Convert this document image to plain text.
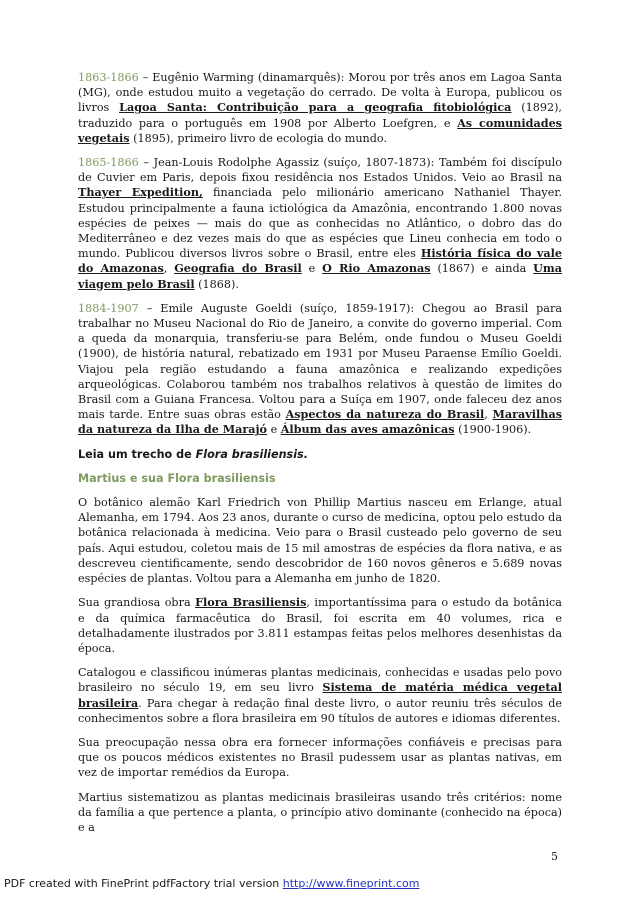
1863-1866 – Eugênio Warming (dinamarquês): Morou por três anos em Lagoa Santa (MG), onde estudou muito a vegetação do cerrado. De volta à Europa, publicou os livros Lagoa Santa: Contribuição para a geografia fitobiológica (1892), traduzido para o português em 1908 por Alberto Loefgren, e As comunidades vegetais (1895), primeiro livro de ecologia do mundo.

1865-1866 – Jean-Louis Rodolphe Agassiz (suíço, 1807-1873): Também foi discípulo de Cuvier em Paris, depois fixou residência nos Estados Unidos. Veio ao Brasil na Thayer Expedition, financiada pelo milionário americano Nathaniel Thayer. Estudou principalmente a fauna ictiológica da Amazônia, encontrando 1.800 novas espécies de peixes — mais do que as conhecidas no Atlântico, o dobro das do Mediterrâneo e dez vezes mais do que as espécies que Lineu conhecia em todo o mundo. Publicou diversos livros sobre o Brasil, entre eles História física do vale do Amazonas, Geografia do Brasil e O Rio Amazonas (1867) e ainda Uma viagem pelo Brasil (1868).

1884-1907 – Emile Auguste Goeldi (suíço, 1859-1917): Chegou ao Brasil para trabalhar no Museu Nacional do Rio de Janeiro, a convite do governo imperial. Com a queda da monarquia, transferiu-se para Belém, onde fundou o Museu Goeldi (1900), de história natural, rebatizado em 1931 por Museu Paraense Emílio Goeldi. Viajou pela região estudando a fauna amazônica e realizando expedições arqueológicas. Colaborou também nos trabalhos relativos à questão de limites do Brasil com a Guiana Francesa. Voltou para a Suíça em 1907, onde faleceu dez anos mais tarde. Entre suas obras estão Aspectos da natureza do Brasil, Maravilhas da natureza da Ilha de Marajó e Álbum das aves amazônicas (1900-1906).

Leia um trecho de Flora brasiliensis.

Martius e sua Flora brasiliensis

O botânico alemão Karl Friedrich von Phillip Martius nasceu em Erlange, atual Alemanha, em 1794. Aos 23 anos, durante o curso de medicina, optou pelo estudo da botânica relacionada à medicina. Veio para o Brasil custeado pelo governo de seu país. Aqui estudou, coletou mais de 15 mil amostras de espécies da flora nativa, e as descreveu cientificamente, sendo descobridor de 160 novos gêneros e 5.689 novas espécies de plantas. Voltou para a Alemanha em junho de 1820.

Sua grandiosa obra Flora Brasiliensis, importantíssima para o estudo da botânica e da química farmacêutica do Brasil, foi escrita em 40 volumes, rica e detalhadamente ilustrados por 3.811 estampas feitas pelos melhores desenhistas da época.

Catalogou e classificou inúmeras plantas medicinais, conhecidas e usadas pelo povo brasileiro no século 19, em seu livro Sistema de matéria médica vegetal brasileira. Para chegar à redação final deste livro, o autor reuniu três séculos de conhecimentos sobre a flora brasileira em 90 títulos de autores e idiomas diferentes.

Sua preocupação nessa obra era fornecer informações confiáveis e precisas para que os poucos médicos existentes no Brasil pudessem usar as plantas nativas, em vez de importar remédios da Europa.

Martius sistematizou as plantas medicinais brasileiras usando três critérios: nome da família a que pertence a planta, o princípio ativo dominante (conhecido na época) e a

5
PDF created with FinePrint pdfFactory trial version http://www.fineprint.com
